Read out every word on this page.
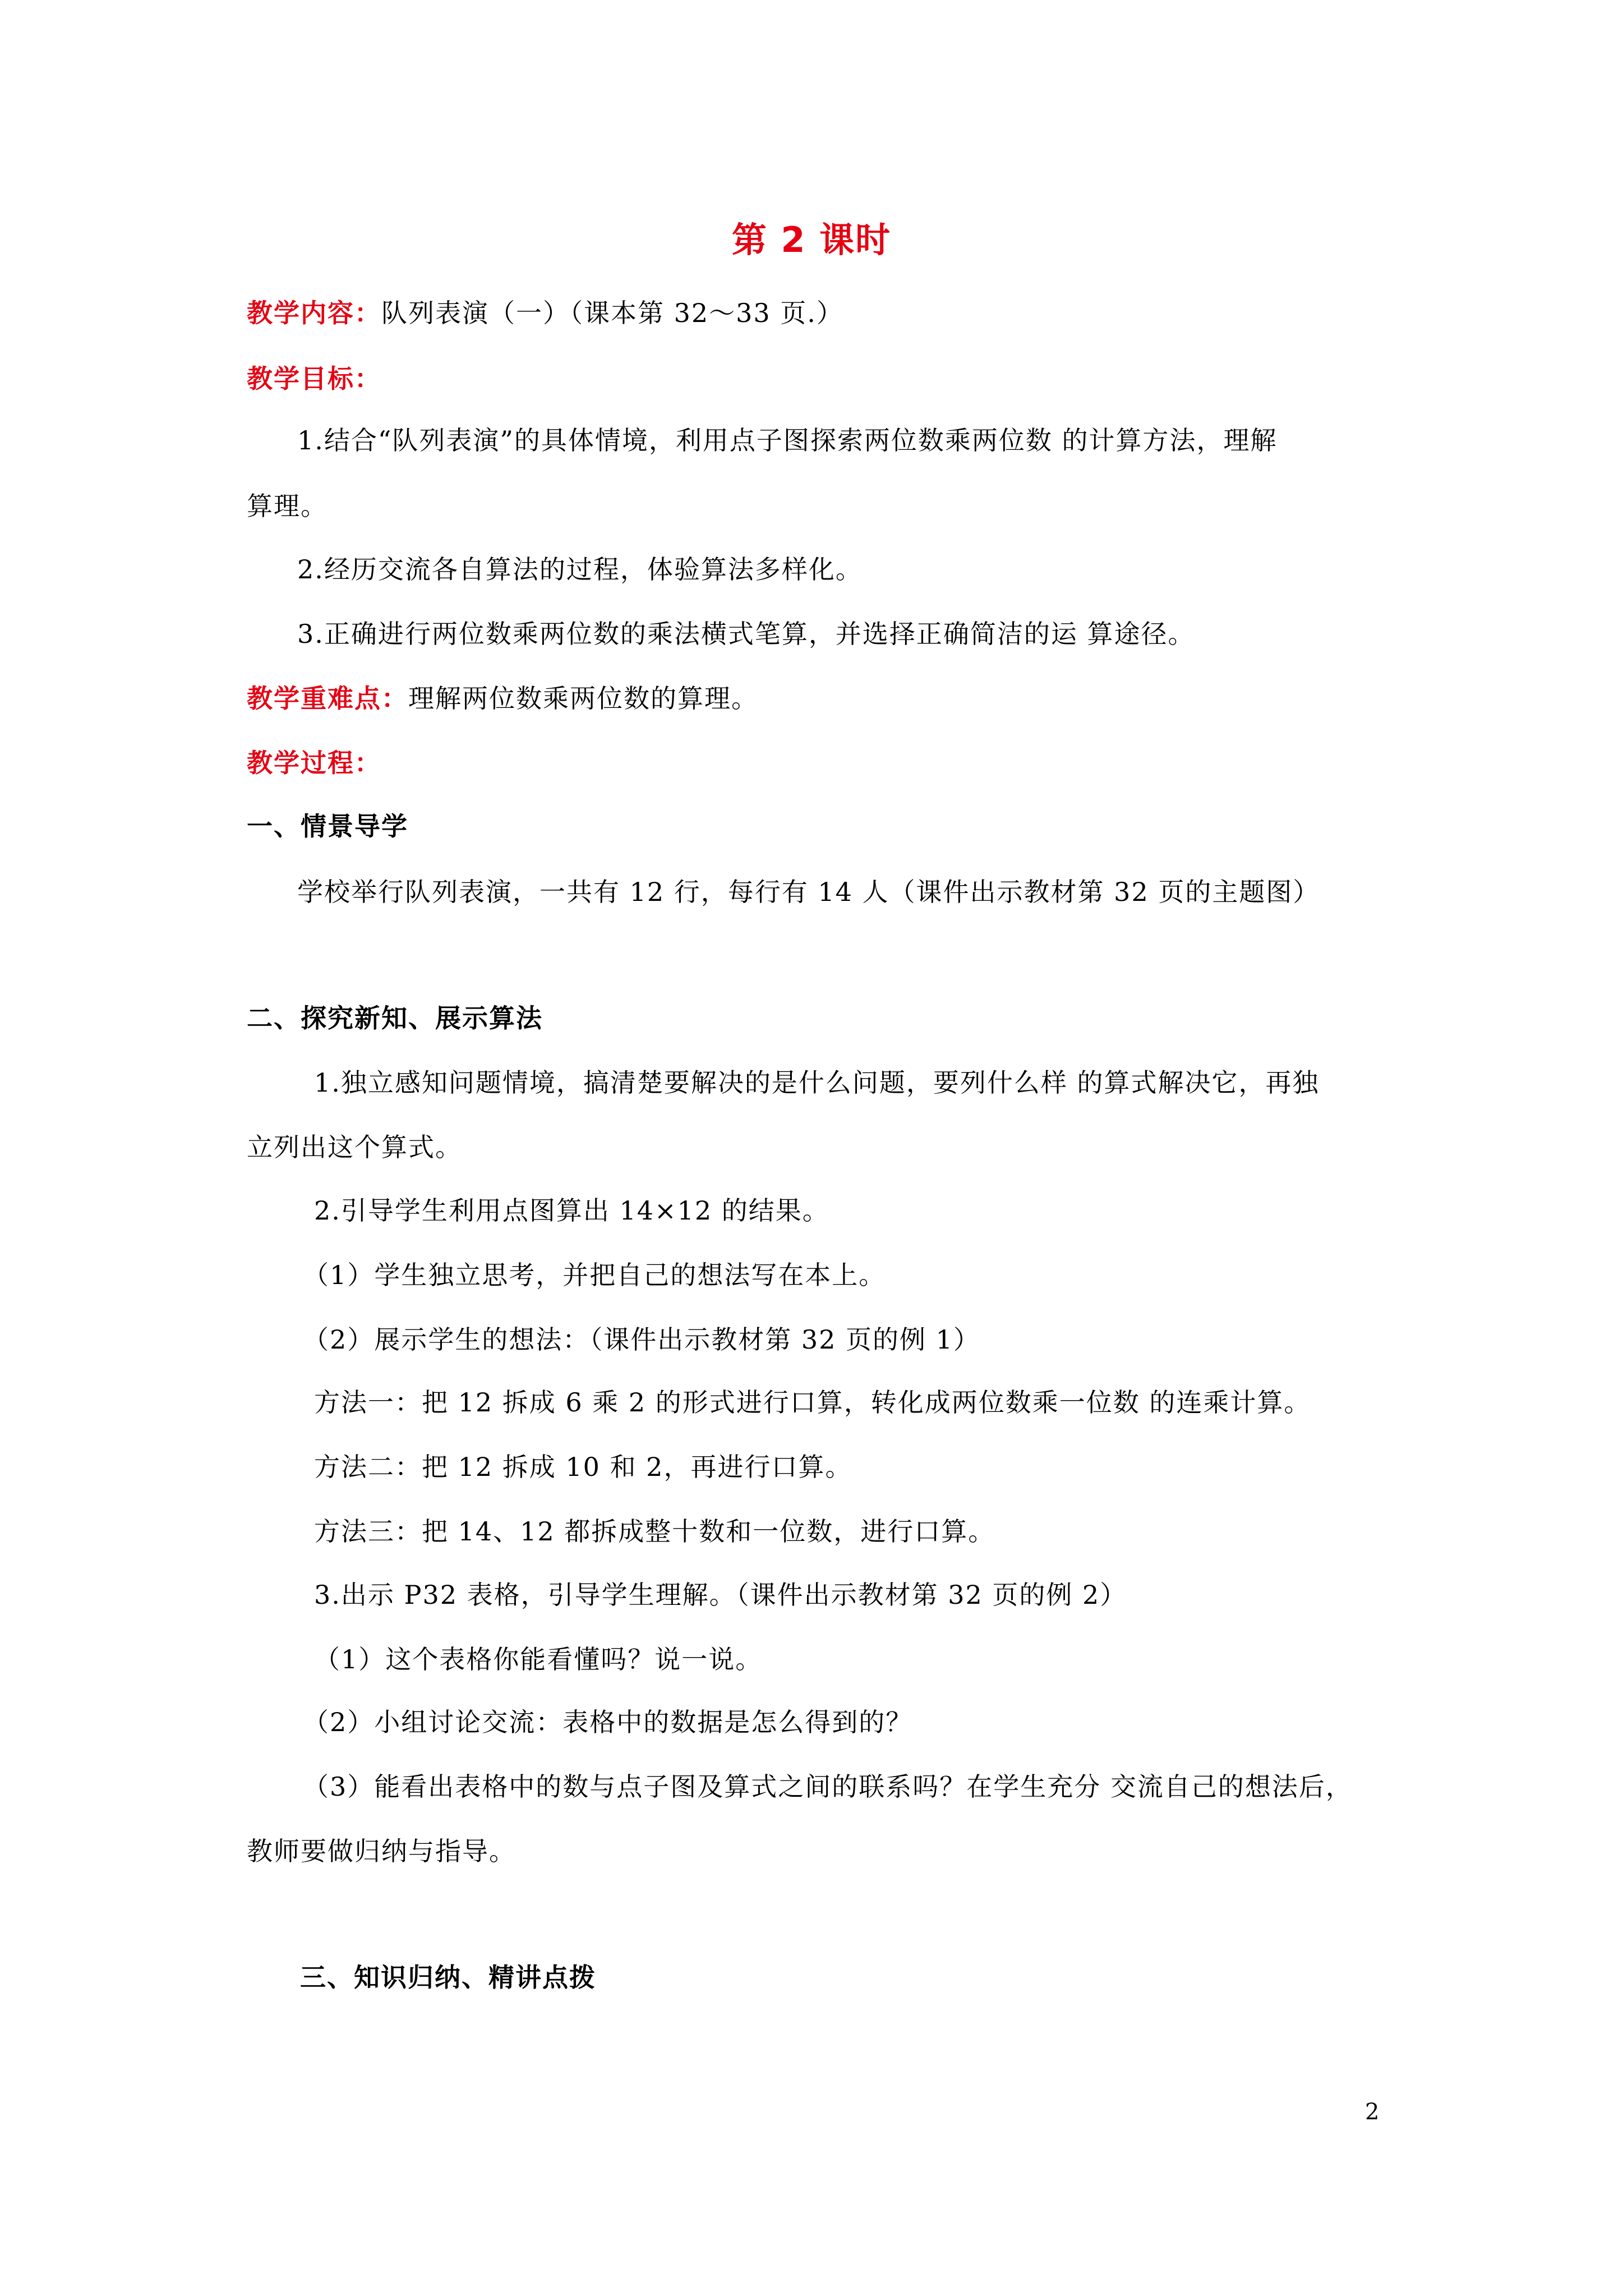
第 2 课时
教学内容：队列表演（一）（课本第 32～33 页.）
教学目标：
1.结合“队列表演”的具体情境，利用点子图探索两位数乘两位数 的计算方法，理解
算理。
2.经历交流各自算法的过程，体验算法多样化。
3.正确进行两位数乘两位数的乘法横式笔算，并选择正确简洁的运 算途径。
教学重难点：理解两位数乘两位数的算理。
教学过程：
一、情景导学
学校举行队列表演，一共有 12 行，每行有 14 人（课件出示教材第 32 页的主题图）
二、探究新知、展示算法
1.独立感知问题情境，搞清楚要解决的是什么问题，要列什么样 的算式解决它，再独
立列出这个算式。
2.引导学生利用点图算出 14×12 的结果。
（1）学生独立思考，并把自己的想法写在本上。
（2）展示学生的想法：（课件出示教材第 32 页的例 1）
方法一：把 12 拆成 6 乘 2 的形式进行口算，转化成两位数乘一位数 的连乘计算。
方法二：把 12 拆成 10 和 2，再进行口算。
方法三：把 14、12 都拆成整十数和一位数，进行口算。
3.出示 P32 表格，引导学生理解。（课件出示教材第 32 页的例 2）
（1）这个表格你能看懂吗？说一说。
（2）小组讨论交流：表格中的数据是怎么得到的？
（3）能看出表格中的数与点子图及算式之间的联系吗？在学生充分 交流自己的想法后，
教师要做归纳与指导。
三、知识归纳、精讲点拨
2
